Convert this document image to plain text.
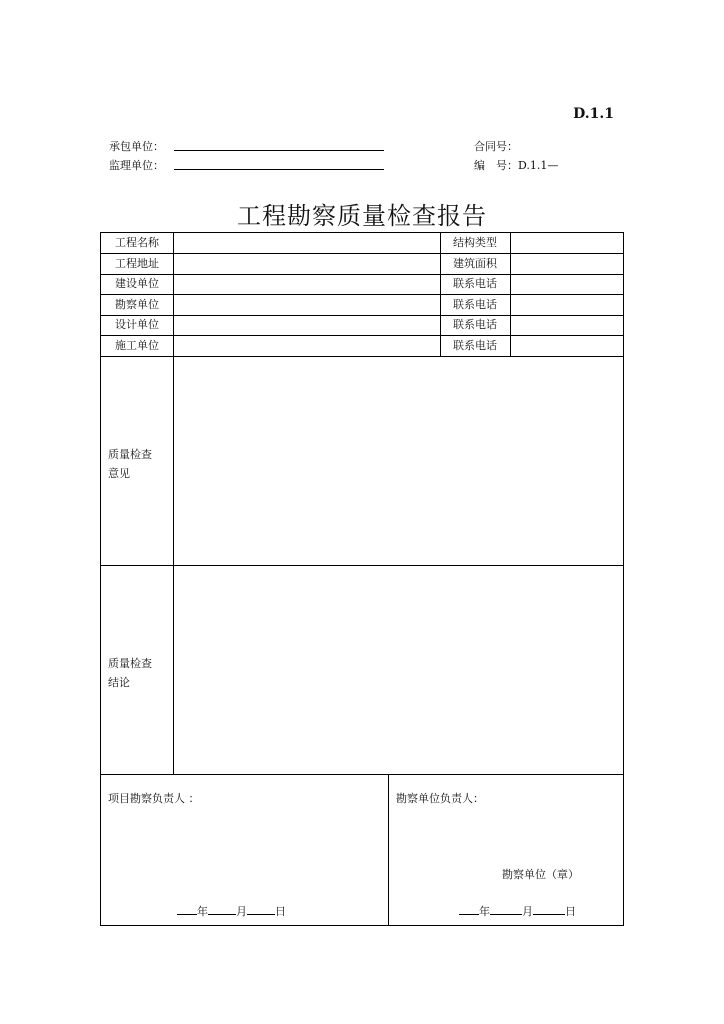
D.1.1
承包单位：
监理单位：
合同号：
编　号：D.1.1—
工程勘察质量检查报告
工程名称	结构类型
工程地址	建筑面积
建设单位	联系电话
勘察单位	联系电话
设计单位	联系电话
施工单位	联系电话
质量检查
意见
质量检查
结论
项目勘察负责人 ：	勘察单位负责人：
勘察单位（章）
年	月	日	年	月	日
